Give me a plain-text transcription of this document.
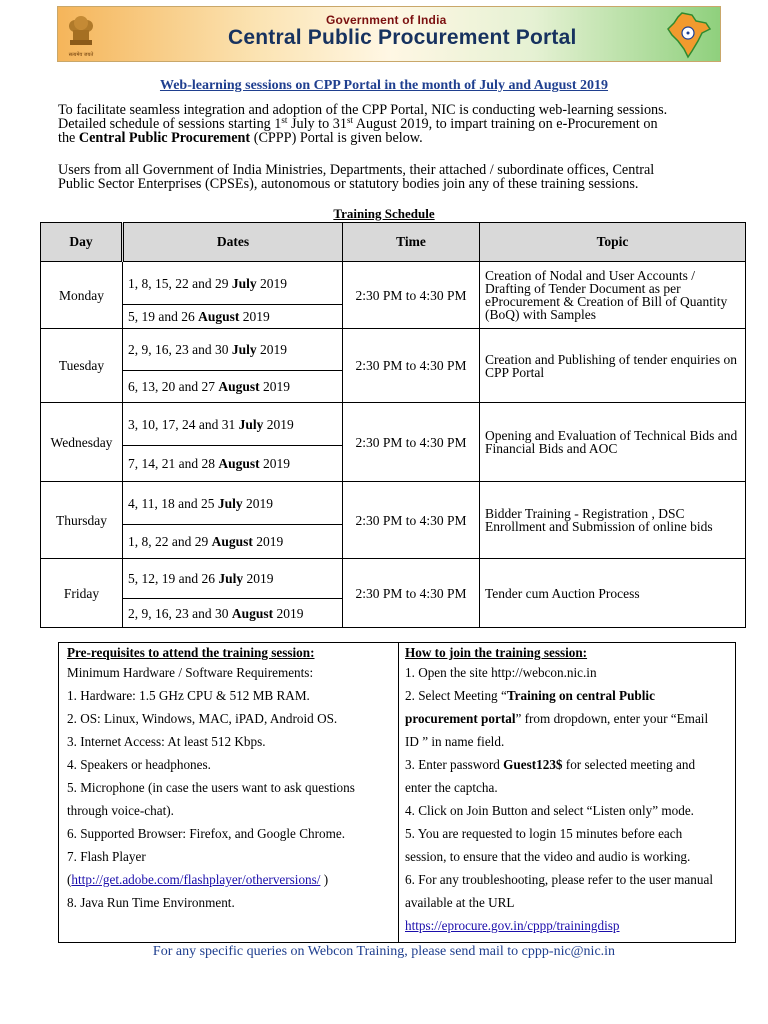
सत्यमेव जयते
Government of India
Central Public Procurement Portal
Web-learning sessions on CPP Portal in the month of July and August 2019
To facilitate seamless integration and adoption of the CPP Portal, NIC is conducting web-learning sessions.
Detailed schedule of sessions starting 1st July to 31st August 2019, to impart training on e-Procurement on
the Central Public Procurement (CPPP) Portal is given below.
Users from all Government of India Ministries, Departments, their attached / subordinate offices, Central
Public Sector Enterprises (CPSEs), autonomous or statutory bodies join any of these training sessions.
Training Schedule
Day	Dates	Time	Topic
Monday	1, 8, 15, 22 and 29 July 2019	2:30 PM to 4:30 PM	Creation of Nodal and User Accounts / Drafting of Tender Document as per eProcurement & Creation of Bill of Quantity (BoQ) with Samples
	5, 19 and 26 August 2019		
Tuesday	2, 9, 16, 23 and 30 July 2019	2:30 PM to 4:30 PM	Creation and Publishing of tender enquiries on CPP Portal
	6, 13, 20 and 27 August 2019		
Wednesday	3, 10, 17, 24 and 31 July 2019	2:30 PM to 4:30 PM	Opening and Evaluation of Technical Bids and Financial Bids and AOC
	7, 14, 21 and 28 August 2019		
Thursday	4, 11, 18 and 25 July 2019	2:30 PM to 4:30 PM	Bidder Training - Registration , DSC Enrollment and Submission of online bids
	1, 8, 22 and 29 August 2019		
Friday	5, 12, 19 and 26 July 2019	2:30 PM to 4:30 PM	Tender cum Auction Process
	2, 9, 16, 23 and 30 August 2019		
Pre-requisites to attend the training session:
Minimum Hardware / Software Requirements:
1. Hardware: 1.5 GHz CPU & 512 MB RAM.
2. OS: Linux, Windows, MAC, iPAD, Android OS.
3. Internet Access: At least 512 Kbps.
4. Speakers or headphones.
5. Microphone (in case the users want to ask questions
through voice-chat).
6. Supported Browser: Firefox, and Google Chrome.
7. Flash Player
(http://get.adobe.com/flashplayer/otherversions/ )
8. Java Run Time Environment.
How to join the training session:
1. Open the site http://webcon.nic.in
2. Select Meeting “Training on central Public
procurement portal” from dropdown, enter your “Email
ID ” in name field.
3. Enter password Guest123$ for selected meeting and
enter the captcha.
4. Click on Join Button and select “Listen only” mode.
5. You are requested to login 15 minutes before each
session, to ensure that the video and audio is working.
6. For any troubleshooting, please refer to the user manual
available at the URL
https://eprocure.gov.in/cppp/trainingdisp
For any specific queries on Webcon Training, please send mail to cppp-nic@nic.in
